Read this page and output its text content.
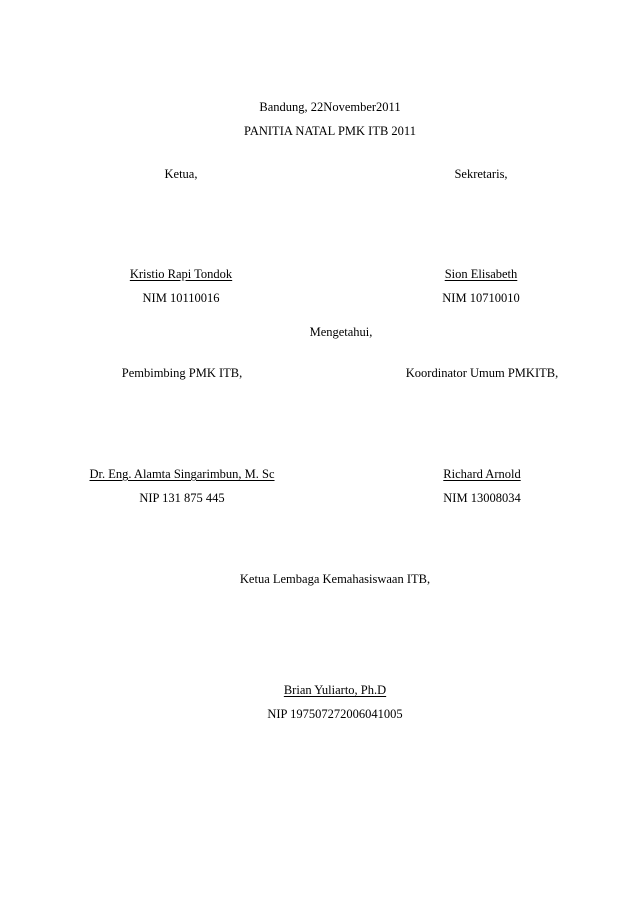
Bandung, 22November2011
PANITIA NATAL PMK ITB 2011
Ketua,	Sekretaris,
Kristio Rapi Tondok
NIM 10110016
Sion Elisabeth
NIM 10710010
Mengetahui,
Pembimbing PMK ITB,	Koordinator Umum PMKITB,
Dr. Eng. Alamta Singarimbun, M. Sc
NIP 131 875 445
Richard Arnold
NIM 13008034
Ketua Lembaga Kemahasiswaan ITB,
Brian Yuliarto, Ph.D
NIP 197507272006041005
